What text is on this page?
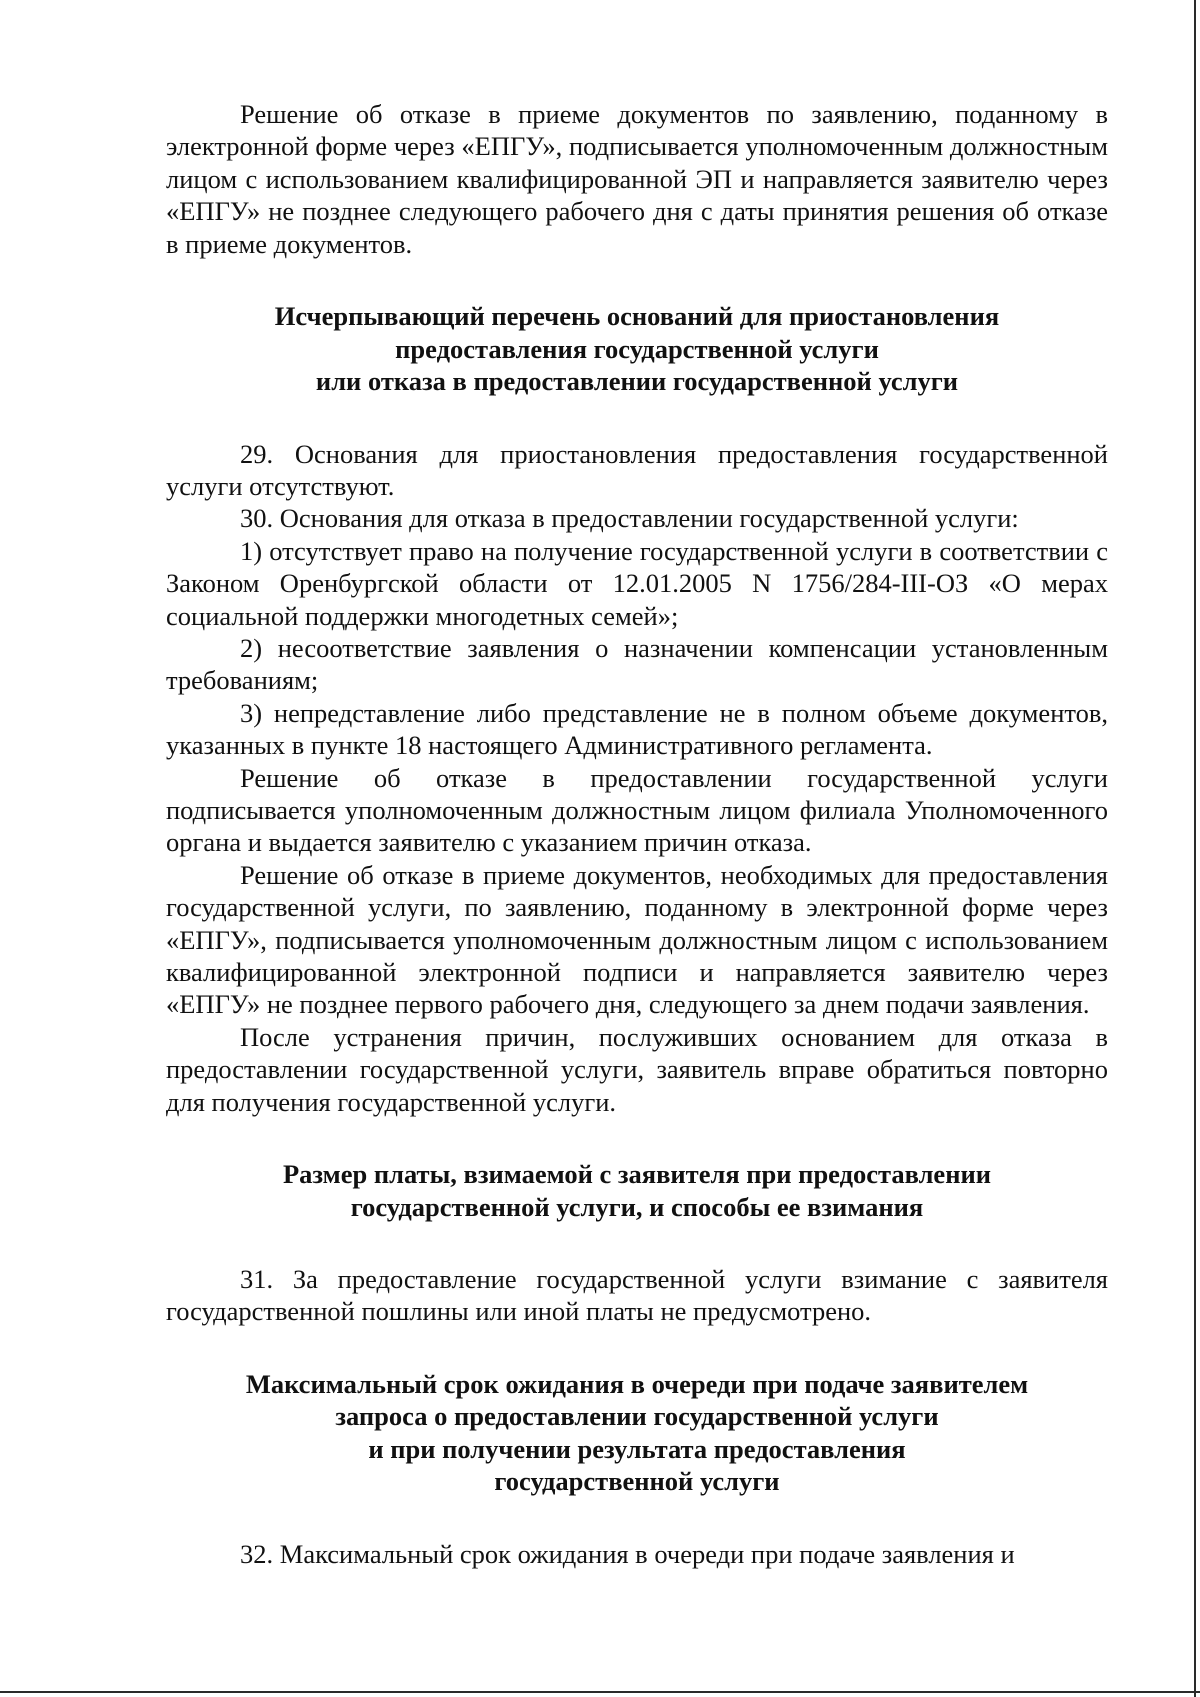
Решение об отказе в приеме документов по заявлению, поданному в электронной форме через «ЕПГУ», подписывается уполномоченным должностным лицом с использованием квалифицированной ЭП и направляется заявителю через «ЕПГУ» не позднее следующего рабочего дня с даты принятия решения об отказе в приеме документов.

Исчерпывающий перечень оснований для приостановления
предоставления государственной услуги
или отказа в предоставлении государственной услуги

29. Основания для приостановления предоставления государственной услуги отсутствуют.

30. Основания для отказа в предоставлении государственной услуги:

1) отсутствует право на получение государственной услуги в соответствии с Законом Оренбургской области от 12.01.2005 N 1756/284-III-ОЗ «О мерах социальной поддержки многодетных семей»;

2) несоответствие заявления о назначении компенсации установленным требованиям;

3) непредставление либо представление не в полном объеме документов, указанных в пункте 18 настоящего Административного регламента.

Решение об отказе в предоставлении государственной услуги подписывается уполномоченным должностным лицом филиала Уполномоченного органа и выдается заявителю с указанием причин отказа.

Решение об отказе в приеме документов, необходимых для предоставления государственной услуги, по заявлению, поданному в электронной форме через «ЕПГУ», подписывается уполномоченным должностным лицом с использованием квалифицированной электронной подписи и направляется заявителю через «ЕПГУ» не позднее первого рабочего дня, следующего за днем подачи заявления.

После устранения причин, послуживших основанием для отказа в предоставлении государственной услуги, заявитель вправе обратиться повторно для получения государственной услуги.

Размер платы, взимаемой с заявителя при предоставлении
государственной услуги, и способы ее взимания

31. За предоставление государственной услуги взимание с заявителя государственной пошлины или иной платы не предусмотрено.

Максимальный срок ожидания в очереди при подаче заявителем
запроса о предоставлении государственной услуги
и при получении результата предоставления
государственной услуги

32. Максимальный срок ожидания в очереди при подаче заявления и
